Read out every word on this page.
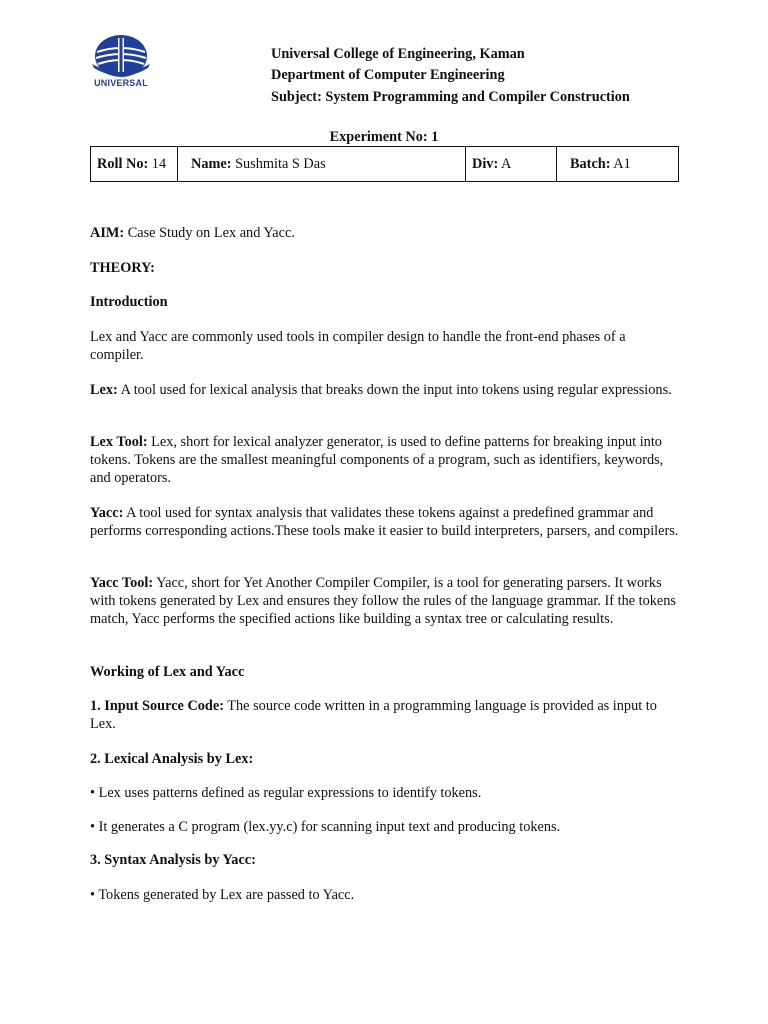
UNIVERSAL
Universal College of Engineering, Kaman
Department of Computer Engineering
Subject: System Programming and Compiler Construction
Experiment No: 1
Roll No: 14	Name: Sushmita S Das	Div: A	Batch: A1
AIM: Case Study on Lex and Yacc.
THEORY:
Introduction
Lex and Yacc are commonly used tools in compiler design to handle the front-end phases of a compiler.
Lex: A tool used for lexical analysis that breaks down the input into tokens using regular expressions.
Lex Tool: Lex, short for lexical analyzer generator, is used to define patterns for breaking input into tokens. Tokens are the smallest meaningful components of a program, such as identifiers, keywords, and operators.
Yacc: A tool used for syntax analysis that validates these tokens against a predefined grammar and performs corresponding actions.These tools make it easier to build interpreters, parsers, and compilers.
Yacc Tool: Yacc, short for Yet Another Compiler Compiler, is a tool for generating parsers. It works with tokens generated by Lex and ensures they follow the rules of the language grammar. If the tokens match, Yacc performs the specified actions like building a syntax tree or calculating results.
Working of Lex and Yacc
1. Input Source Code: The source code written in a programming language is provided as input to Lex.
2. Lexical Analysis by Lex:
• Lex uses patterns defined as regular expressions to identify tokens.
• It generates a C program (lex.yy.c) for scanning input text and producing tokens.
3. Syntax Analysis by Yacc:
• Tokens generated by Lex are passed to Yacc.
